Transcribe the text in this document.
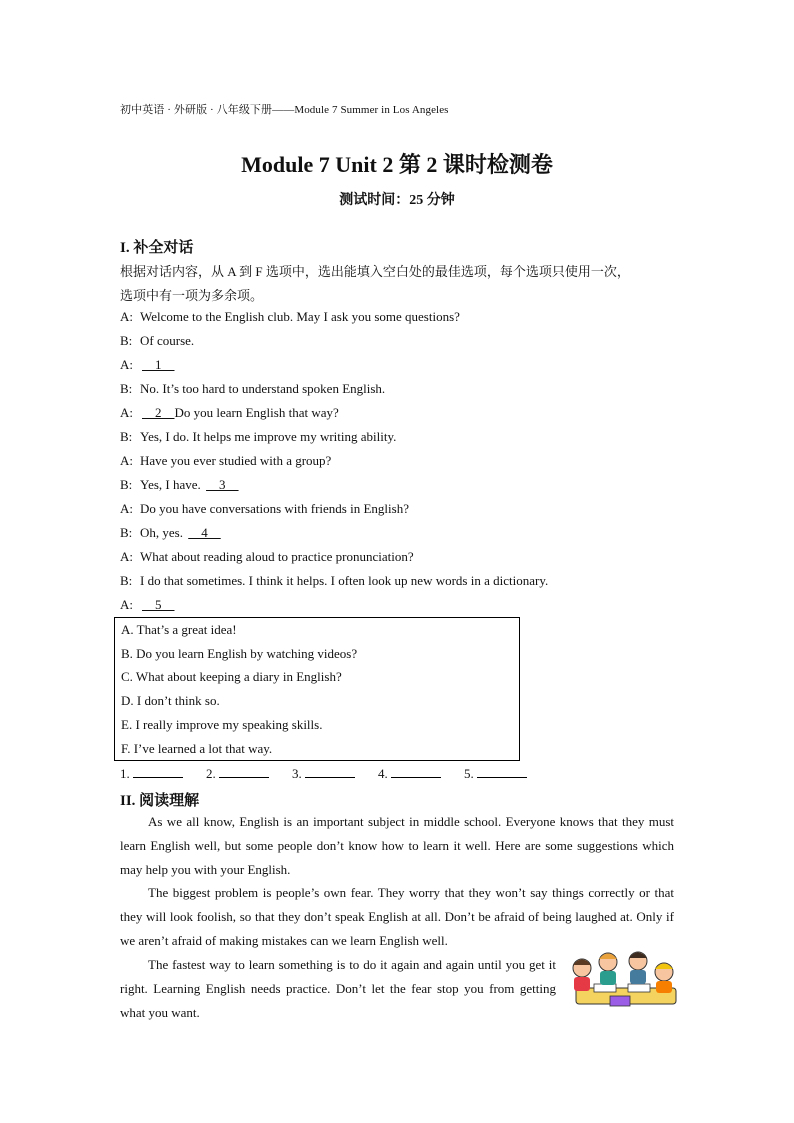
初中英语 · 外研版 · 八年级下册——Module 7 Summer in Los Angeles
Module 7 Unit 2 第 2 课时检测卷
测试时间：25 分钟
I. 补全对话
根据对话内容，从 A 到 F 选项中，选出能填入空白处的最佳选项，每个选项只使用一次，
选项中有一项为多余项。
A: Welcome to the English club. May I ask you some questions?
B: Of course.
A:    1
B: No. It’s too hard to understand spoken English.
A:    2    Do you learn English that way?
B: Yes, I do. It helps me improve my writing ability.
A: Have you ever studied with a group?
B: Yes, I have.     3
A: Do you have conversations with friends in English?
B: Oh, yes.     4
A: What about reading aloud to practice pronunciation?
B: I do that sometimes. I think it helps. I often look up new words in a dictionary.
A:    5
A. That’s a great idea!
B. Do you learn English by watching videos?
C. What about keeping a diary in English?
D. I don’t think so.
E. I really improve my speaking skills.
F. I’ve learned a lot that way.
1.	2.	3.	4.	5.
II. 阅读理解

As we all know, English is an important subject in middle school. Everyone knows that they must learn English well, but some people don’t know how to learn it well. Here are some suggestions which may help you with your English.

The biggest problem is people’s own fear. They worry that they won’t say things correctly or that they will look foolish, so that they don’t speak English at all. Don’t be afraid of being laughed at. Only if we aren’t afraid of making mistakes can we learn English well.

The fastest way to learn something is to do it again and again until you get it right. Learning English needs practice. Don’t let the fear stop you from getting what you want.
